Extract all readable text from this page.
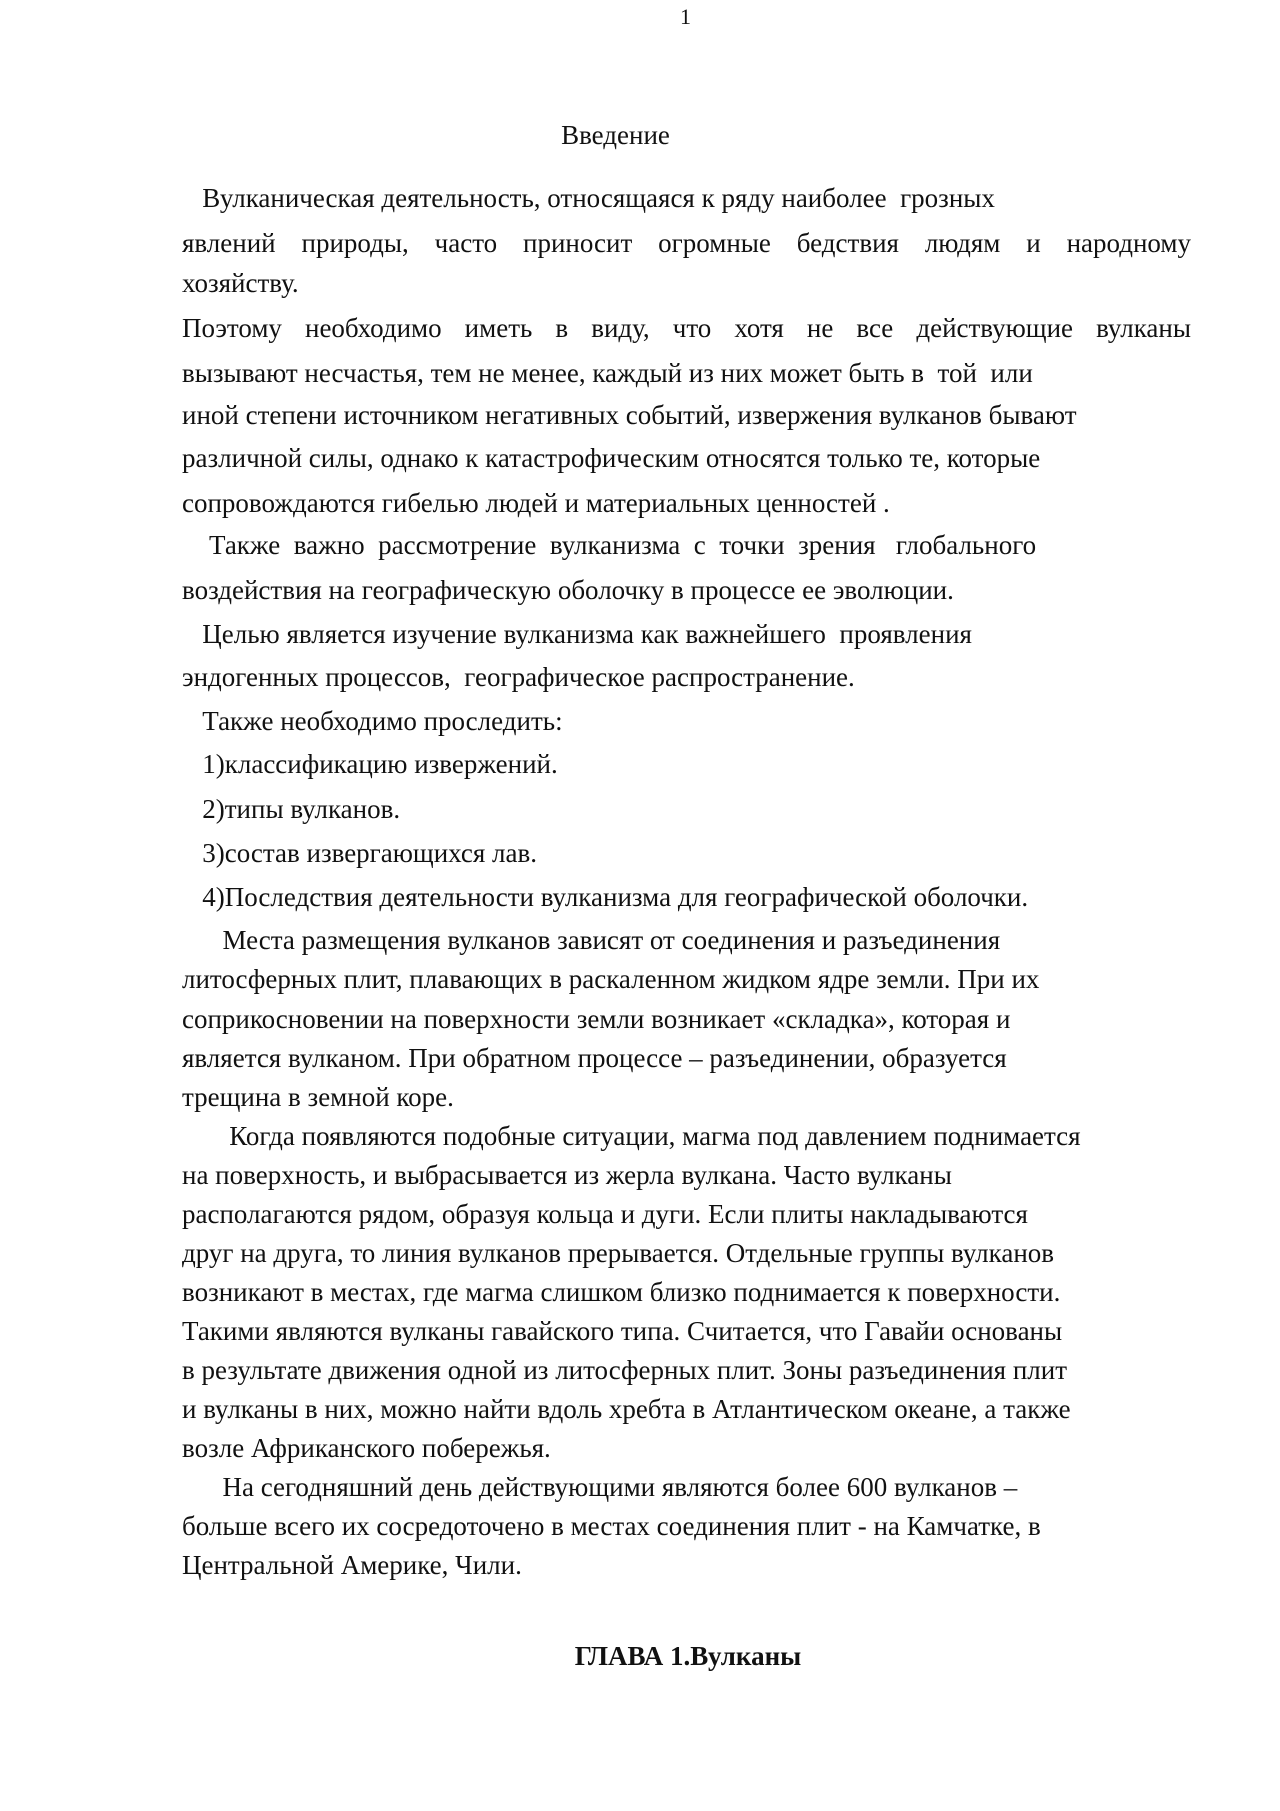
1
Введение
Вулканическая деятельность, относящаяся к ряду наиболее  грозных
явлений природы, часто приносит огромные бедствия людям и народному
хозяйству.
Поэтому необходимо иметь в виду, что хотя не все действующие вулканы
вызывают несчастья, тем не менее, каждый из них может быть в  той  или
иной степени источником негативных событий, извержения вулканов бывают
различной силы, однако к катастрофическим относятся только те, которые
сопровождаются гибелью людей и материальных ценностей .
Также  важно  рассмотрение  вулканизма  с  точки  зрения   глобального
воздействия на географическую оболочку в процессе ее эволюции.
Целью является изучение вулканизма как важнейшего  проявления
эндогенных процессов,  географическое распространение.
Также необходимо проследить:
1)классификацию извержений.
2)типы вулканов.
3)состав извергающихся лав.
4)Последствия деятельности вулканизма для географической оболочки.
Места размещения вулканов зависят от соединения и разъединения
литосферных плит, плавающих в раскаленном жидком ядре земли. При их
соприкосновении на поверхности земли возникает «складка», которая и
является вулканом. При обратном процессе – разъединении, образуется
трещина в земной коре.
Когда появляются подобные ситуации, магма под давлением поднимается
на поверхность, и выбрасывается из жерла вулкана. Часто вулканы
располагаются рядом, образуя кольца и дуги. Если плиты накладываются
друг на друга, то линия вулканов прерывается. Отдельные группы вулканов
возникают в местах, где магма слишком близко поднимается к поверхности.
Такими являются вулканы гавайского типа. Считается, что Гавайи основаны
в результате движения одной из литосферных плит. Зоны разъединения плит
и вулканы в них, можно найти вдоль хребта в Атлантическом океане, а также
возле Африканского побережья.
На сегодняшний день действующими являются более 600 вулканов –
больше всего их сосредоточено в местах соединения плит - на Камчатке, в
Центральной Америке, Чили.
ГЛАВА 1.Вулканы
